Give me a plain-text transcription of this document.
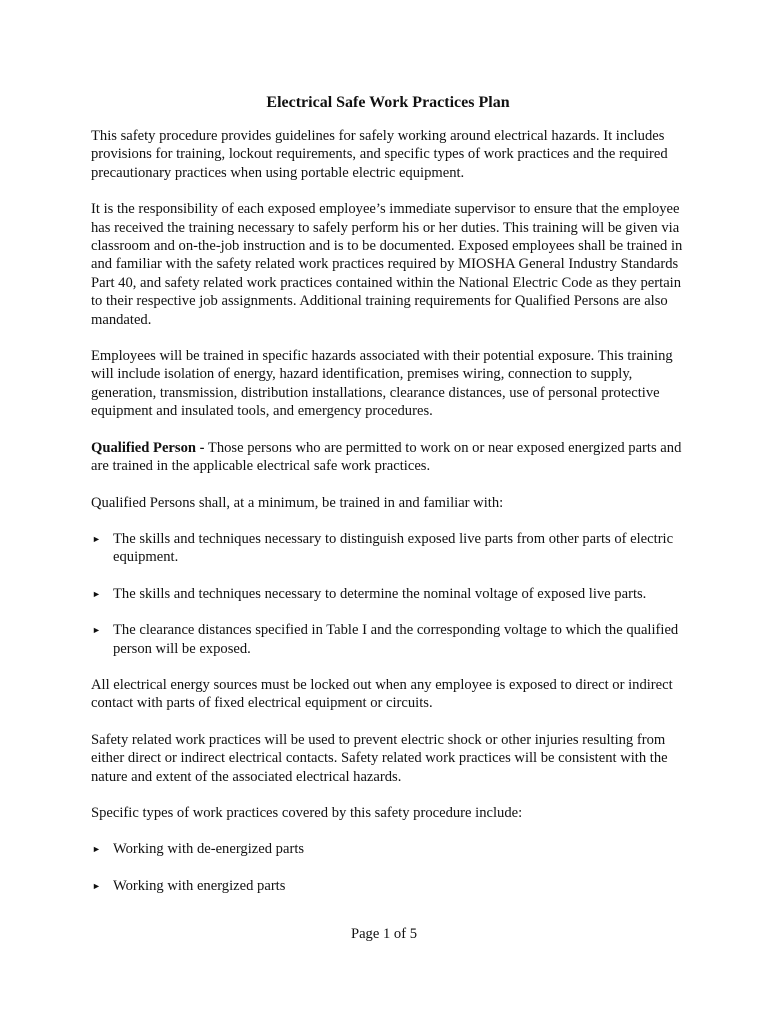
Electrical Safe Work Practices Plan

This safety procedure provides guidelines for safely working around electrical hazards. It includes provisions for training, lockout requirements, and specific types of work practices and the required precautionary practices when using portable electric equipment.

It is the responsibility of each exposed employee’s immediate supervisor to ensure that the employee has received the training necessary to safely perform his or her duties. This training will be given via classroom and on-the-job instruction and is to be documented. Exposed employees shall be trained in and familiar with the safety related work practices required by MIOSHA General Industry Standards Part 40, and safety related work practices contained within the National Electric Code as they pertain to their respective job assignments. Additional training requirements for Qualified Persons are also mandated.

Employees will be trained in specific hazards associated with their potential exposure. This training will include isolation of energy, hazard identification, premises wiring, connection to supply, generation, transmission, distribution installations, clearance distances, use of personal protective equipment and insulated tools, and emergency procedures.

Qualified Person - Those persons who are permitted to work on or near exposed energized parts and are trained in the applicable electrical safe work practices.

Qualified Persons shall, at a minimum, be trained in and familiar with:

► The skills and techniques necessary to distinguish exposed live parts from other parts of electric equipment.
► The skills and techniques necessary to determine the nominal voltage of exposed live parts.
► The clearance distances specified in Table I and the corresponding voltage to which the qualified person will be exposed.

All electrical energy sources must be locked out when any employee is exposed to direct or indirect contact with parts of fixed electrical equipment or circuits.

Safety related work practices will be used to prevent electric shock or other injuries resulting from either direct or indirect electrical contacts. Safety related work practices will be consistent with the nature and extent of the associated electrical hazards.

Specific types of work practices covered by this safety procedure include:

► Working with de-energized parts
► Working with energized parts
Page 1 of 5
